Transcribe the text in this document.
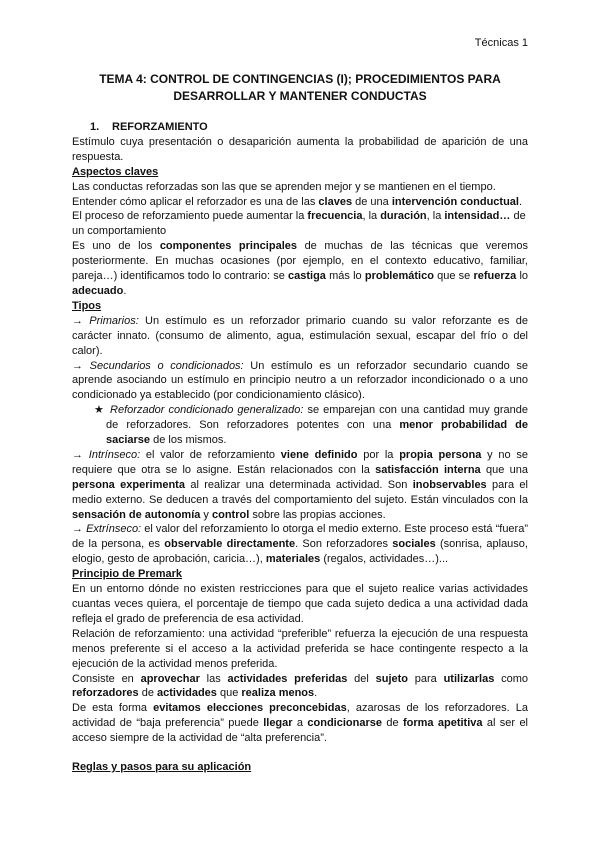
Técnicas 1
TEMA 4: CONTROL DE CONTINGENCIAS (I); PROCEDIMIENTOS PARA
DESARROLLAR Y MANTENER CONDUCTAS

1. REFORZAMIENTO

Estímulo cuya presentación o desaparición aumenta la probabilidad de aparición de una respuesta.

Aspectos claves

Las conductas reforzadas son las que se aprenden mejor y se mantienen en el tiempo.

Entender cómo aplicar el reforzador es una de las claves de una intervención conductual.

El proceso de reforzamiento puede aumentar la frecuencia, la duración, la intensidad… de un comportamiento

Es uno de los componentes principales de muchas de las técnicas que veremos posteriormente. En muchas ocasiones (por ejemplo, en el contexto educativo, familiar, pareja…) identificamos todo lo contrario: se castiga más lo problemático que se refuerza lo adecuado.

Tipos

→ Primarios: Un estímulo es un reforzador primario cuando su valor reforzante es de carácter innato. (consumo de alimento, agua, estimulación sexual, escapar del frío o del calor).

→ Secundarios o condicionados: Un estímulo es un reforzador secundario cuando se aprende asociando un estímulo en principio neutro a un reforzador incondicionado o a uno condicionado ya establecido (por condicionamiento clásico).

★ Reforzador condicionado generalizado: se emparejan con una cantidad muy grande de reforzadores. Son reforzadores potentes con una menor probabilidad de saciarse de los mismos.

→ Intrínseco: el valor de reforzamiento viene definido por la propia persona y no se requiere que otra se lo asigne. Están relacionados con la satisfacción interna que una persona experimenta al realizar una determinada actividad. Son inobservables para el medio externo. Se deducen a través del comportamiento del sujeto. Están vinculados con la sensación de autonomía y control sobre las propias acciones.

→ Extrínseco: el valor del reforzamiento lo otorga el medio externo. Este proceso está “fuera” de la persona, es observable directamente. Son reforzadores sociales (sonrisa, aplauso, elogio, gesto de aprobación, caricia…), materiales (regalos, actividades…)...

Principio de Premark

En un entorno dónde no existen restricciones para que el sujeto realice varias actividades cuantas veces quiera, el porcentaje de tiempo que cada sujeto dedica a una actividad dada refleja el grado de preferencia de esa actividad.

Relación de reforzamiento: una actividad “preferible” refuerza la ejecución de una respuesta menos preferente si el acceso a la actividad preferida se hace contingente respecto a la ejecución de la actividad menos preferida.

Consiste en aprovechar las actividades preferidas del sujeto para utilizarlas como reforzadores de actividades que realiza menos.

De esta forma evitamos elecciones preconcebidas, azarosas de los reforzadores. La actividad de “baja preferencia” puede llegar a condicionarse de forma apetitiva al ser el acceso siempre de la actividad de “alta preferencia”.

Reglas y pasos para su aplicación
